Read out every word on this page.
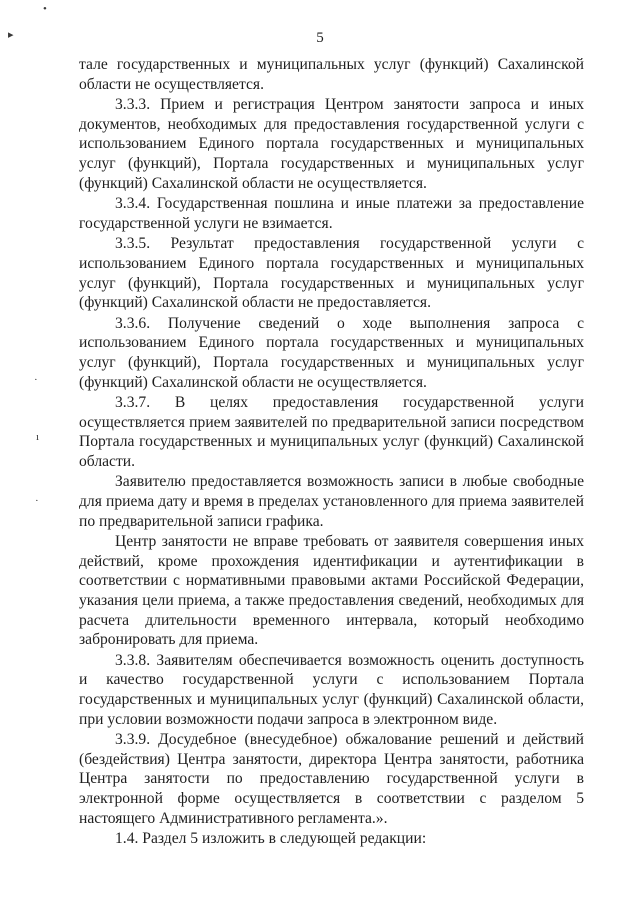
5
•
▸
·
ı
·

тале государственных и муниципальных услуг (функций) Сахалинской области не осуществляется.

3.3.3. Прием и регистрация Центром занятости запроса и иных документов, необходимых для предоставления государственной услуги с использованием Единого портала государственных и муниципальных услуг (функций), Портала государственных и муниципальных услуг (функций) Сахалинской области не осуществляется.

3.3.4. Государственная пошлина и иные платежи за предоставление государственной услуги не взимается.

3.3.5. Результат предоставления государственной услуги с использованием Единого портала государственных и муниципальных услуг (функций), Портала государственных и муниципальных услуг (функций) Сахалинской области не предоставляется.

3.3.6. Получение сведений о ходе выполнения запроса с использованием Единого портала государственных и муниципальных услуг (функций), Портала государственных и муниципальных услуг (функций) Сахалинской области не осуществляется.

3.3.7. В целях предоставления государственной услуги осуществляется прием заявителей по предварительной записи посредством Портала государственных и муниципальных услуг (функций) Сахалинской области.

Заявителю предоставляется возможность записи в любые свободные для приема дату и время в пределах установленного для приема заявителей по предварительной записи графика.

Центр занятости не вправе требовать от заявителя совершения иных действий, кроме прохождения идентификации и аутентификации в соответствии с нормативными правовыми актами Российской Федерации, указания цели приема, а также предоставления сведений, необходимых для расчета длительности временного интервала, который необходимо забронировать для приема.

3.3.8. Заявителям обеспечивается возможность оценить доступность и качество государственной услуги с использованием Портала государственных и муниципальных услуг (функций) Сахалинской области, при условии возможности подачи запроса в электронном виде.

3.3.9. Досудебное (внесудебное) обжалование решений и действий (бездействия) Центра занятости, директора Центра занятости, работника Центра занятости по предоставлению государственной услуги в электронной форме осуществляется в соответствии с разделом 5 настоящего Административного регламента.».

1.4. Раздел 5 изложить в следующей редакции:
